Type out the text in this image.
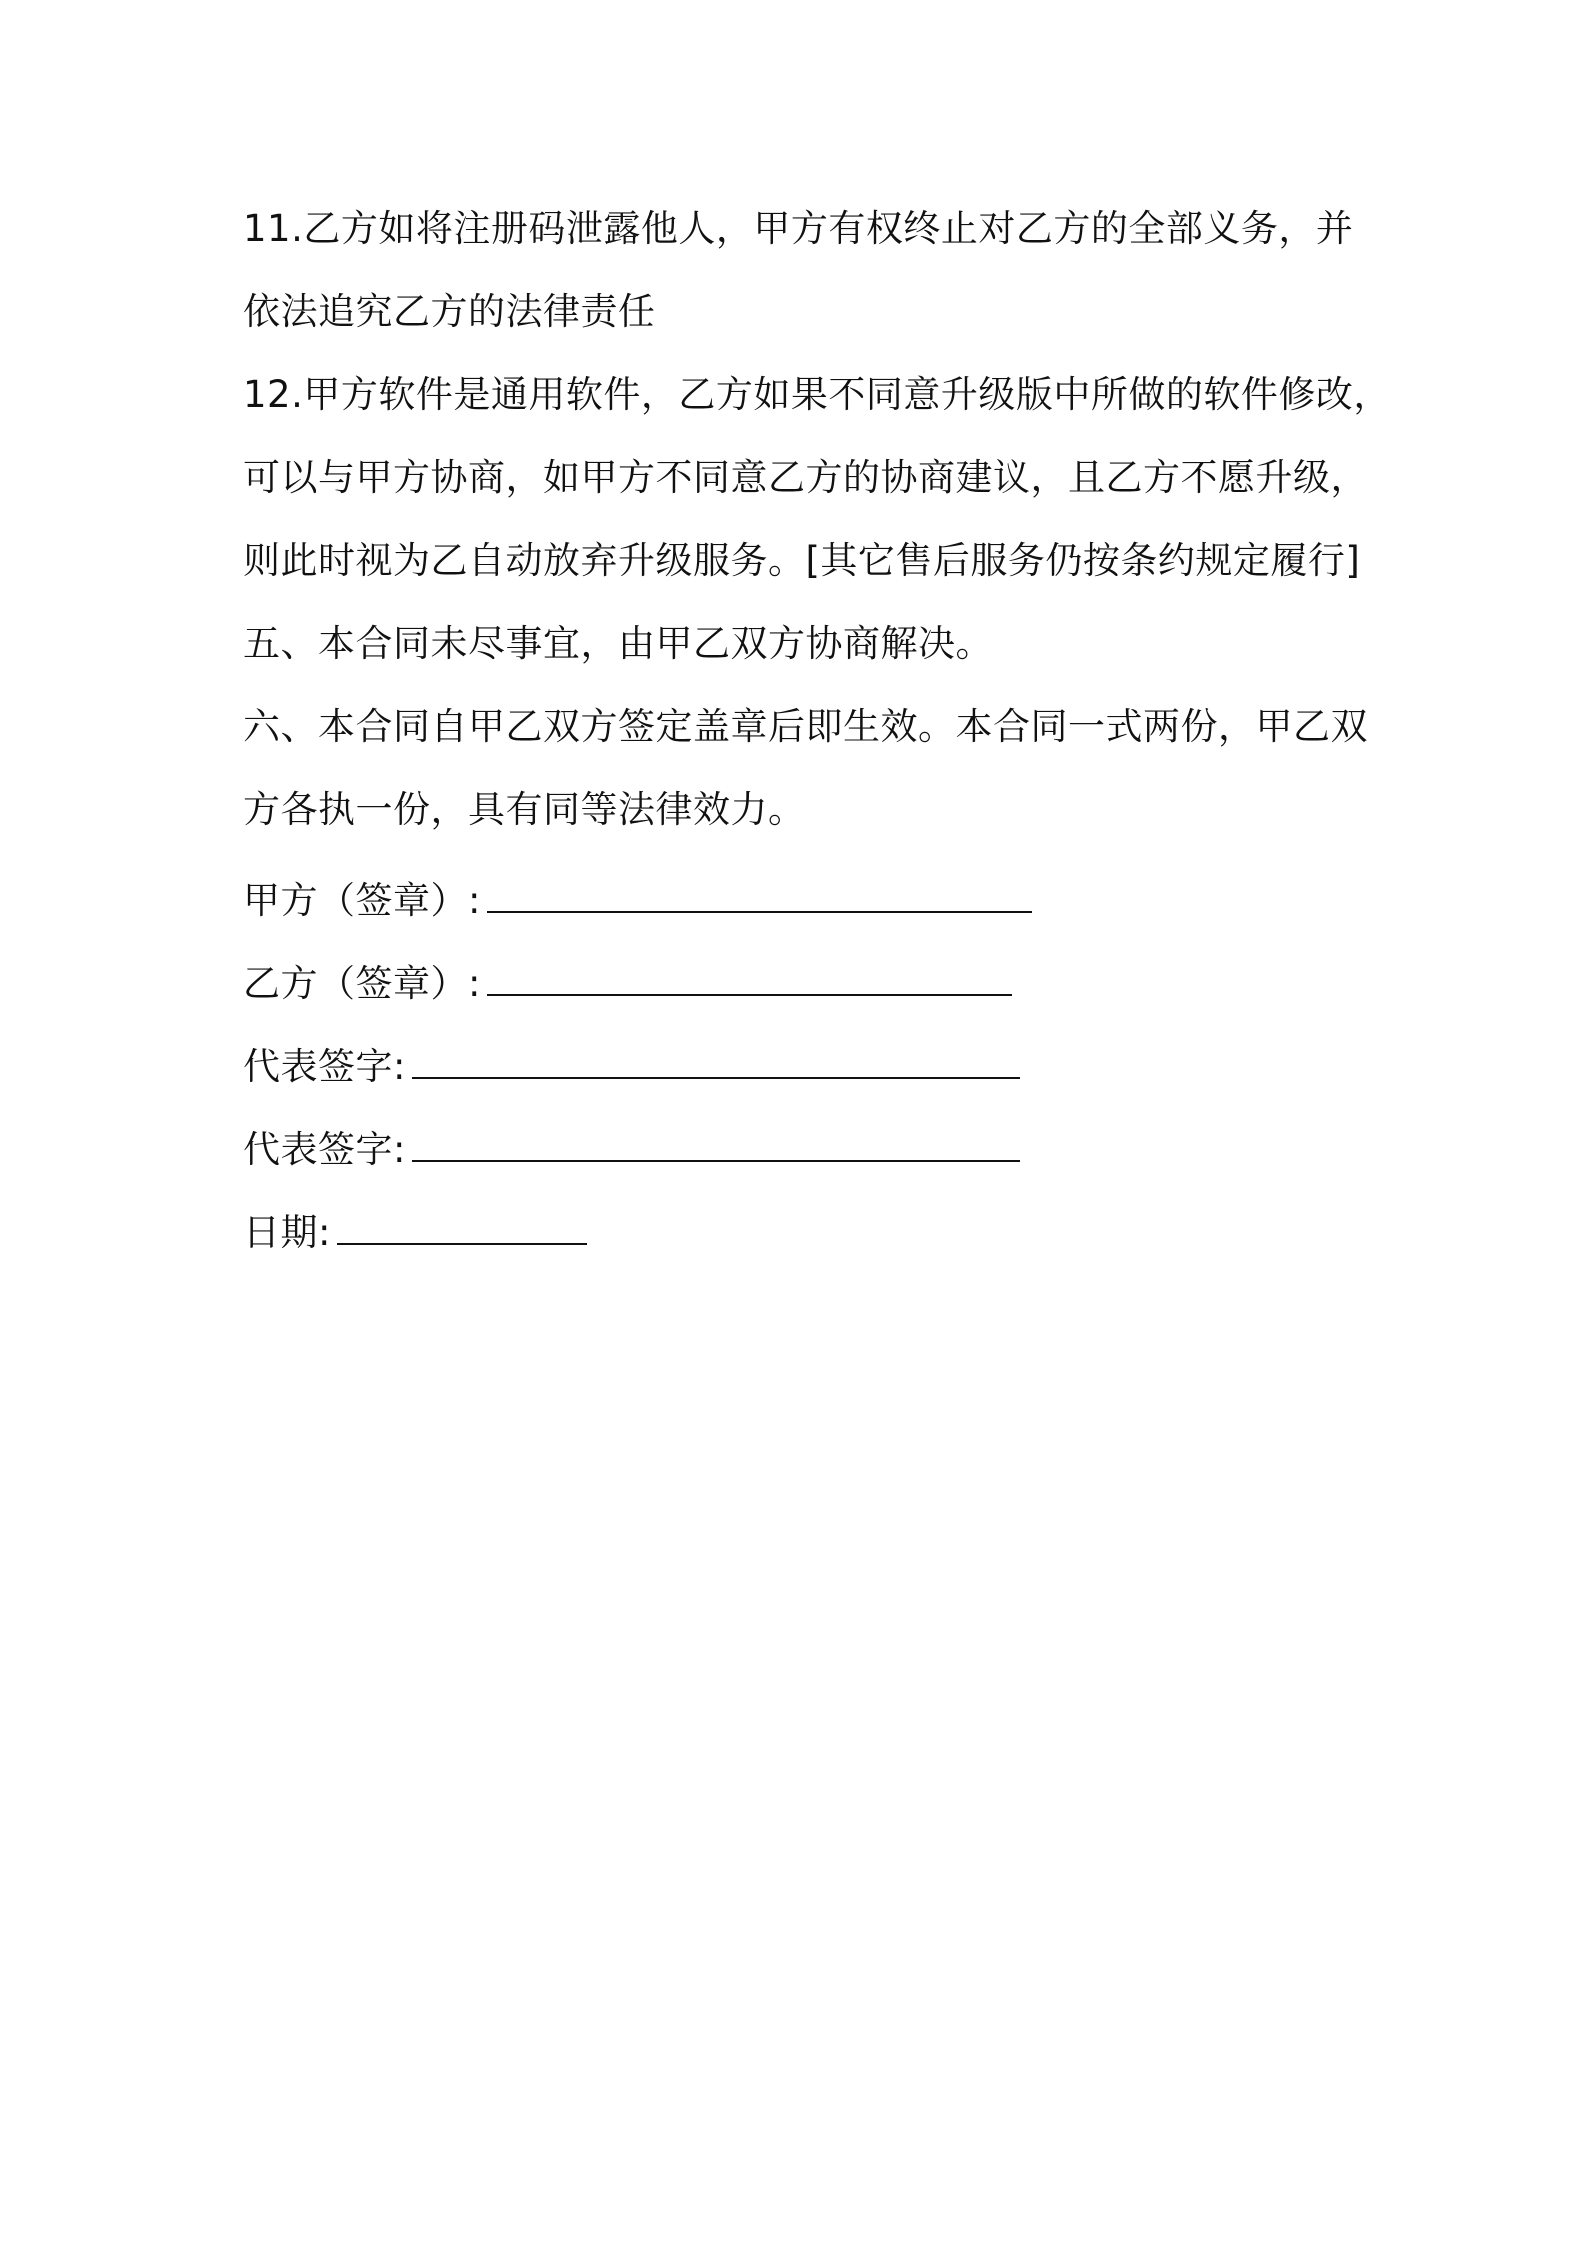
11.乙方如将注册码泄露他人，甲方有权终止对乙方的全部义务，并
依法追究乙方的法律责任
12.甲方软件是通用软件，乙方如果不同意升级版中所做的软件修改，
可以与甲方协商，如甲方不同意乙方的协商建议，且乙方不愿升级，
则此时视为乙自动放弃升级服务。[其它售后服务仍按条约规定履行]
五、本合同未尽事宜，由甲乙双方协商解决。
六、本合同自甲乙双方签定盖章后即生效。本合同一式两份，甲乙双
方各执一份，具有同等法律效力。
甲方（签章）:
乙方（签章）:
代表签字:
代表签字:
日期:
